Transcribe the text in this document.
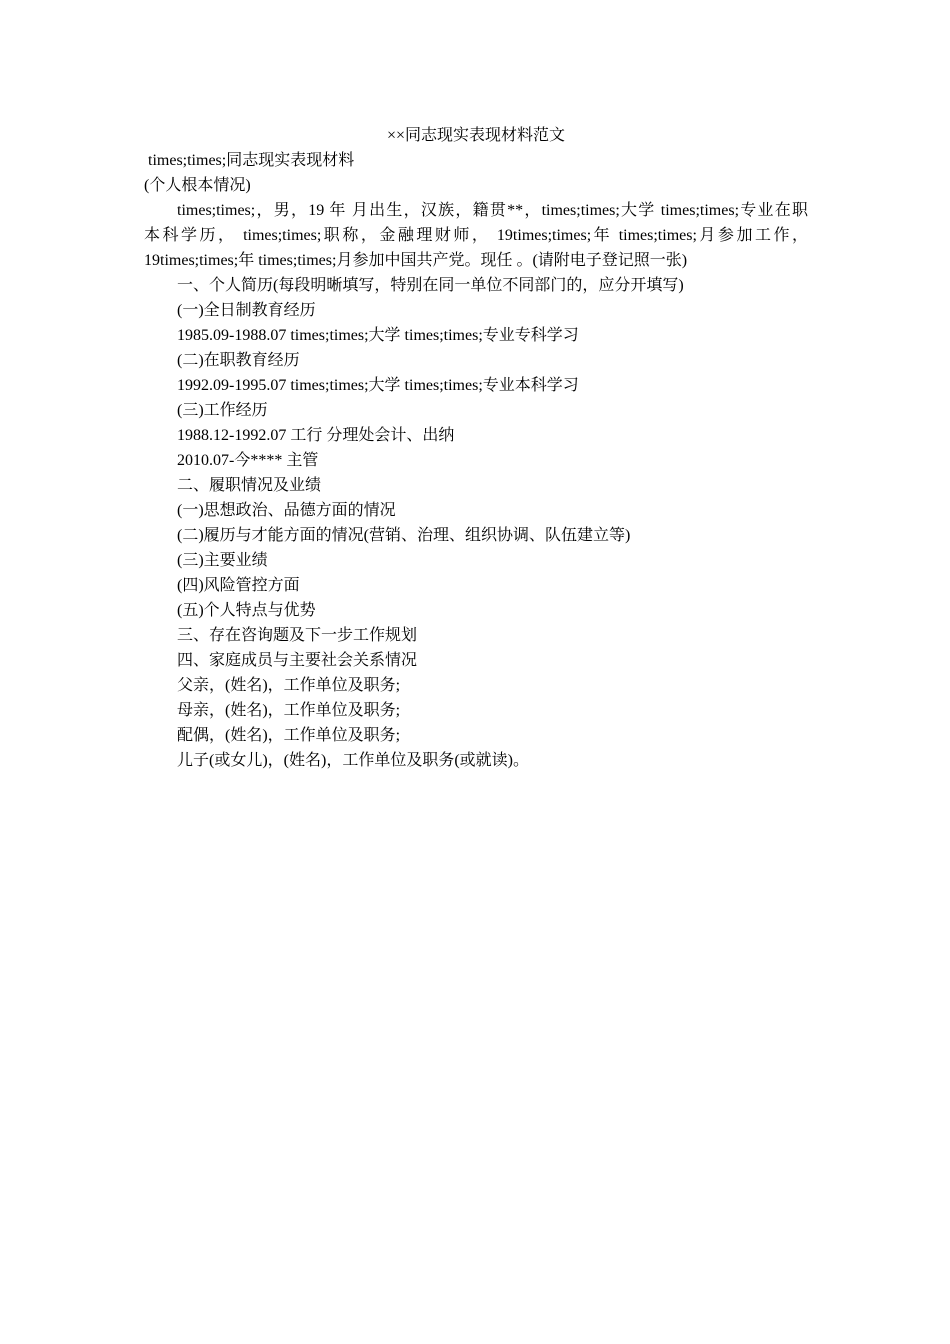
××同志现实表现材料范文
times;times;同志现实表现材料
(个人根本情况)
times;times;，男，19 年 月出生，汉族，籍贯**，times;times;大学 times;times;专业在职
本科学历， times;times;职称，金融理财师， 19times;times;年 times;times;月参加工作，
19times;times;年 times;times;月参加中国共产党。现任 。(请附电子登记照一张)
一、个人简历(每段明晰填写，特别在同一单位不同部门的，应分开填写)
(一)全日制教育经历
1985.09-1988.07 times;times;大学 times;times;专业专科学习
(二)在职教育经历
1992.09-1995.07 times;times;大学 times;times;专业本科学习
(三)工作经历
1988.12-1992.07 工行 分理处会计、出纳
2010.07-今**** 主管
二、履职情况及业绩
(一)思想政治、品德方面的情况
(二)履历与才能方面的情况(营销、治理、组织协调、队伍建立等)
(三)主要业绩
(四)风险管控方面
(五)个人特点与优势
三、存在咨询题及下一步工作规划
四、家庭成员与主要社会关系情况
父亲，(姓名)，工作单位及职务;
母亲，(姓名)，工作单位及职务;
配偶，(姓名)，工作单位及职务;
儿子(或女儿)，(姓名)，工作单位及职务(或就读)。
